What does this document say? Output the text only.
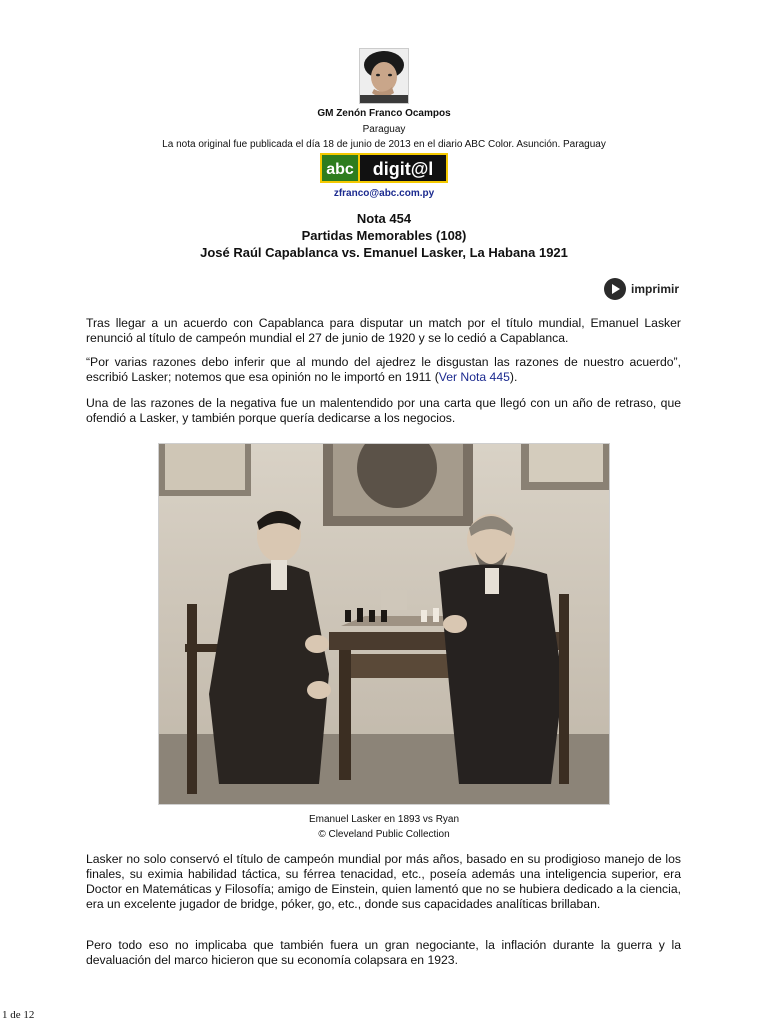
GM Zenón Franco Ocampos
Paraguay
La nota original fue publicada el día 18 de junio de 2013 en el diario ABC Color. Asunción. Paraguay
abc digit@l
zfranco@abc.com.py
Nota 454
Partidas Memorables (108)
José Raúl Capablanca vs. Emanuel Lasker, La Habana 1921
imprimir

Tras llegar a un acuerdo con Capablanca para disputar un match por el título mundial, Emanuel Lasker renunció al título de campeón mundial el 27 de junio de 1920 y se lo cedió a Capablanca.

“Por varias razones debo inferir que al mundo del ajedrez le disgustan las razones de nuestro acuerdo”, escribió Lasker; notemos que esa opinión no le importó en 1911 (Ver Nota 445).

Una de las razones de la negativa fue un malentendido por una carta que llegó con un año de retraso, que ofendió a Lasker, y también porque quería dedicarse a los negocios.

Emanuel Lasker en 1893 vs Ryan
© Cleveland Public Collection

Lasker no solo conservó el título de campeón mundial por más años, basado en su prodigioso manejo de los finales, su eximia habilidad táctica, su férrea tenacidad, etc., poseía además una inteligencia superior, era Doctor en Matemáticas y Filosofía; amigo de Einstein, quien lamentó que no se hubiera dedicado a la ciencia, era un excelente jugador de bridge, póker, go, etc., donde sus capacidades analíticas brillaban.

Pero todo eso no implicaba que también fuera un gran negociante, la inflación durante la guerra y la devaluación del marco hicieron que su economía colapsara en 1923.

1 de 12
